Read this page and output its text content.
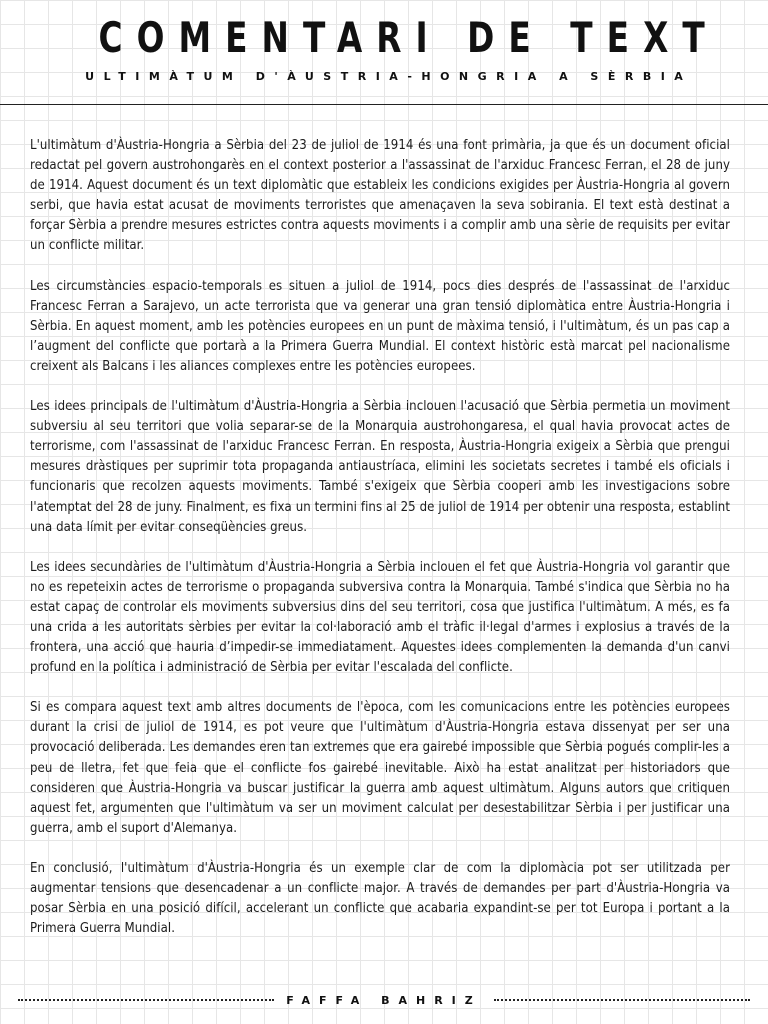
COMENTARI DE TEXT
ULTIMÀTUM D'ÀUSTRIA-HONGRIA A SÈRBIA

L'ultimàtum d'Àustria-Hongria a Sèrbia del 23 de juliol de 1914 és una font primària, ja que és un document oficial redactat pel govern austrohongarès en el context posterior a l'assassinat de l'arxiduc Francesc Ferran, el 28 de juny de 1914. Aquest document és un text diplomàtic que estableix les condicions exigides per Àustria-Hongria al govern serbi, que havia estat acusat de moviments terroristes que amenaçaven la seva sobirania. El text està destinat a forçar Sèrbia a prendre mesures estrictes contra aquests moviments i a complir amb una sèrie de requisits per evitar un conflicte militar.

Les circumstàncies espacio-temporals es situen a juliol de 1914, pocs dies després de l'assassinat de l'arxiduc Francesc Ferran a Sarajevo, un acte terrorista que va generar una gran tensió diplomàtica entre Àustria-Hongria i Sèrbia. En aquest moment, amb les potències europees en un punt de màxima tensió, i l'ultimàtum, és un pas cap a l’augment del conflicte que portarà a la Primera Guerra Mundial. El context històric està marcat pel nacionalisme creixent als Balcans i les aliances complexes entre les potències europees.

Les idees principals de l'ultimàtum d'Àustria-Hongria a Sèrbia inclouen l'acusació que Sèrbia permetia un moviment subversiu al seu territori que volia separar-se de la Monarquia austrohongaresa, el qual havia provocat actes de terrorisme, com l'assassinat de l'arxiduc Francesc Ferran. En resposta, Àustria-Hongria exigeix a Sèrbia que prengui mesures dràstiques per suprimir tota propaganda antiaustríaca, elimini les societats secretes i també els oficials i funcionaris que recolzen aquests moviments. També s'exigeix que Sèrbia cooperi amb les investigacions sobre l'atemptat del 28 de juny. Finalment, es fixa un termini fins al 25 de juliol de 1914 per obtenir una resposta, establint una data límit per evitar conseqüències greus.

Les idees secundàries de l'ultimàtum d'Àustria-Hongria a Sèrbia inclouen el fet que Àustria-Hongria vol garantir que no es repeteixin actes de terrorisme o propaganda subversiva contra la Monarquia. També s'indica que Sèrbia no ha estat capaç de controlar els moviments subversius dins del seu territori, cosa que justifica l'ultimàtum. A més, es fa una crida a les autoritats sèrbies per evitar la col·laboració amb el tràfic il·legal d'armes i explosius a través de la frontera, una acció que hauria d’impedir-se immediatament. Aquestes idees complementen la demanda d'un canvi profund en la política i administració de Sèrbia per evitar l'escalada del conflicte.

Si es compara aquest text amb altres documents de l'època, com les comunicacions entre les potències europees durant la crisi de juliol de 1914, es pot veure que l'ultimàtum d'Àustria-Hongria estava dissenyat per ser una provocació deliberada. Les demandes eren tan extremes que era gairebé impossible que Sèrbia pogués complir-les a peu de lletra, fet que feia que el conflicte fos gairebé inevitable. Això ha estat analitzat per historiadors que consideren que Àustria-Hongria va buscar justificar la guerra amb aquest ultimàtum. Alguns autors que critiquen aquest fet, argumenten que l'ultimàtum va ser un moviment calculat per desestabilitzar Sèrbia i per justificar una guerra, amb el suport d'Alemanya.

En conclusió, l'ultimàtum d'Àustria-Hongria és un exemple clar de com la diplomàcia pot ser utilitzada per augmentar tensions que desencadenar a un conflicte major. A través de demandes per part d'Àustria-Hongria va posar Sèrbia en una posició difícil, accelerant un conflicte que acabaria expandint-se per tot Europa i portant a la Primera Guerra Mundial.

FAFFA BAHRIZ
